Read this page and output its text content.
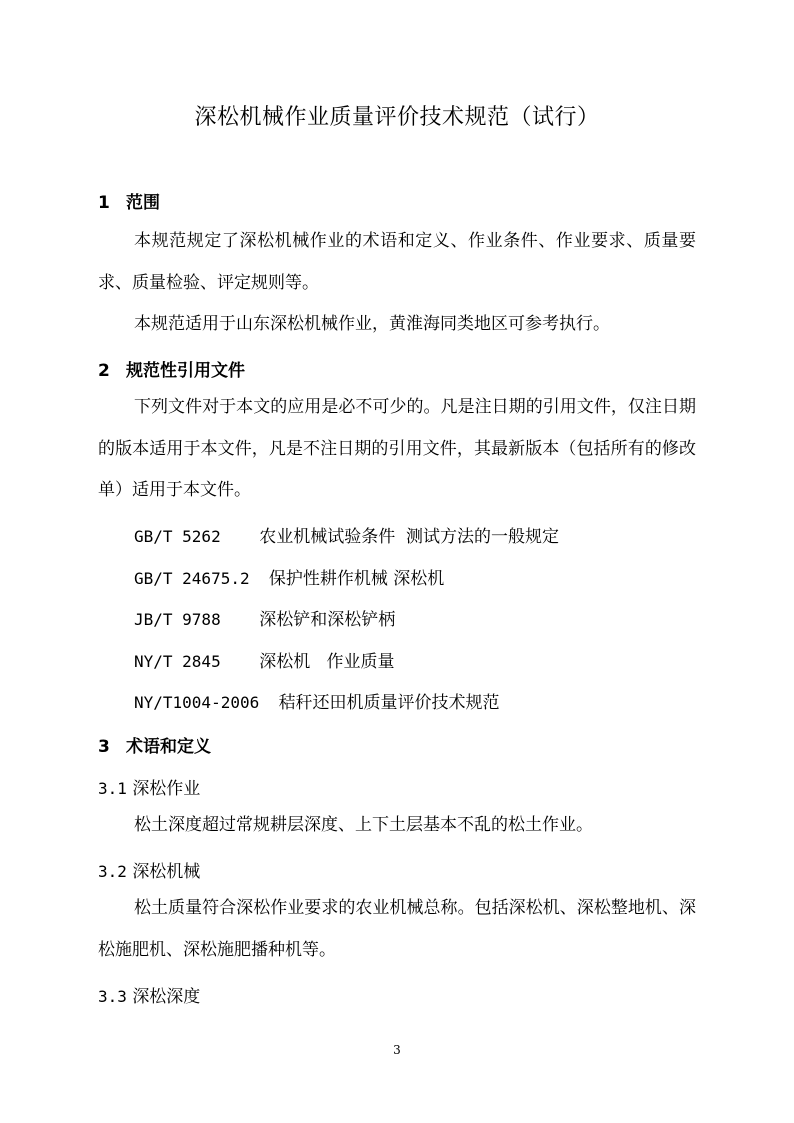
深松机械作业质量评价技术规范（试行）
1 范围
本规范规定了深松机械作业的术语和定义、作业条件、作业要求、质量要求、质量检验、评定规则等。
本规范适用于山东深松机械作业，黄淮海同类地区可参考执行。
2 规范性引用文件
下列文件对于本文的应用是必不可少的。凡是注日期的引用文件，仅注日期的版本适用于本文件，凡是不注日期的引用文件，其最新版本（包括所有的修改单）适用于本文件。
GB/T 5262 农业机械试验条件  测试方法的一般规定
GB/T 24675.2 保护性耕作机械 深松机
JB/T 9788 深松铲和深松铲柄
NY/T 2845 深松机   作业质量
NY/T1004-2006 秸秆还田机质量评价技术规范
3 术语和定义
3.1 深松作业
松土深度超过常规耕层深度、上下土层基本不乱的松土作业。
3.2 深松机械
松土质量符合深松作业要求的农业机械总称。包括深松机、深松整地机、深松施肥机、深松施肥播种机等。
3.3 深松深度
3
